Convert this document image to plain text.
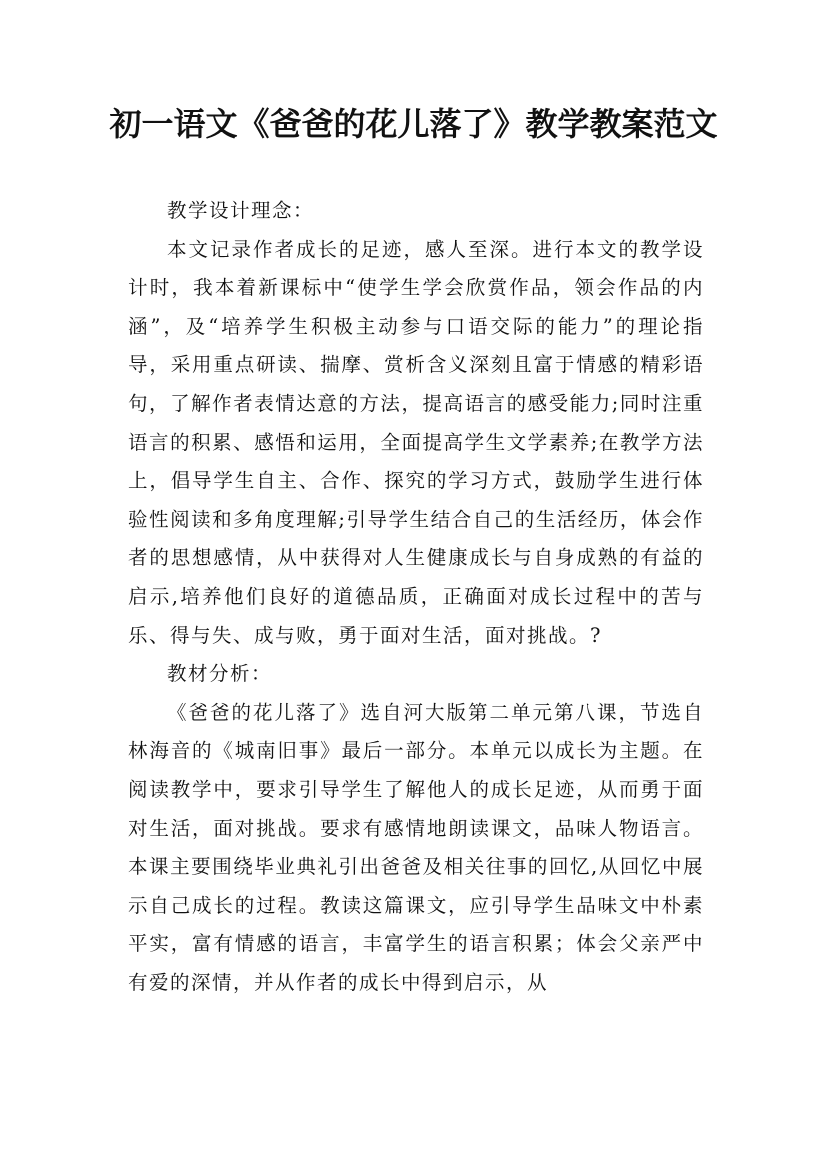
初一语文《爸爸的花儿落了》教学教案范文

教学设计理念：

本文记录作者成长的足迹，感人至深。进行本文的教学设计时，我本着新课标中“使学生学会欣赏作品，领会作品的内涵”，及“培养学生积极主动参与口语交际的能力”的理论指导，采用重点研读、揣摩、赏析含义深刻且富于情感的精彩语句，了解作者表情达意的方法，提高语言的感受能力;同时注重语言的积累、感悟和运用，全面提高学生文学素养;在教学方法上，倡导学生自主、合作、探究的学习方式，鼓励学生进行体验性阅读和多角度理解;引导学生结合自己的生活经历，体会作者的思想感情，从中获得对人生健康成长与自身成熟的有益的启示,培养他们良好的道德品质，正确面对成长过程中的苦与乐、得与失、成与败，勇于面对生活，面对挑战。?

教材分析：

《爸爸的花儿落了》选自河大版第二单元第八课，节选自林海音的《城南旧事》最后一部分。本单元以成长为主题。在阅读教学中，要求引导学生了解他人的成长足迹，从而勇于面对生活，面对挑战。要求有感情地朗读课文，品味人物语言。本课主要围绕毕业典礼引出爸爸及相关往事的回忆,从回忆中展示自己成长的过程。教读这篇课文，应引导学生品味文中朴素平实，富有情感的语言，丰富学生的语言积累；体会父亲严中有爱的深情，并从作者的成长中得到启示，从
